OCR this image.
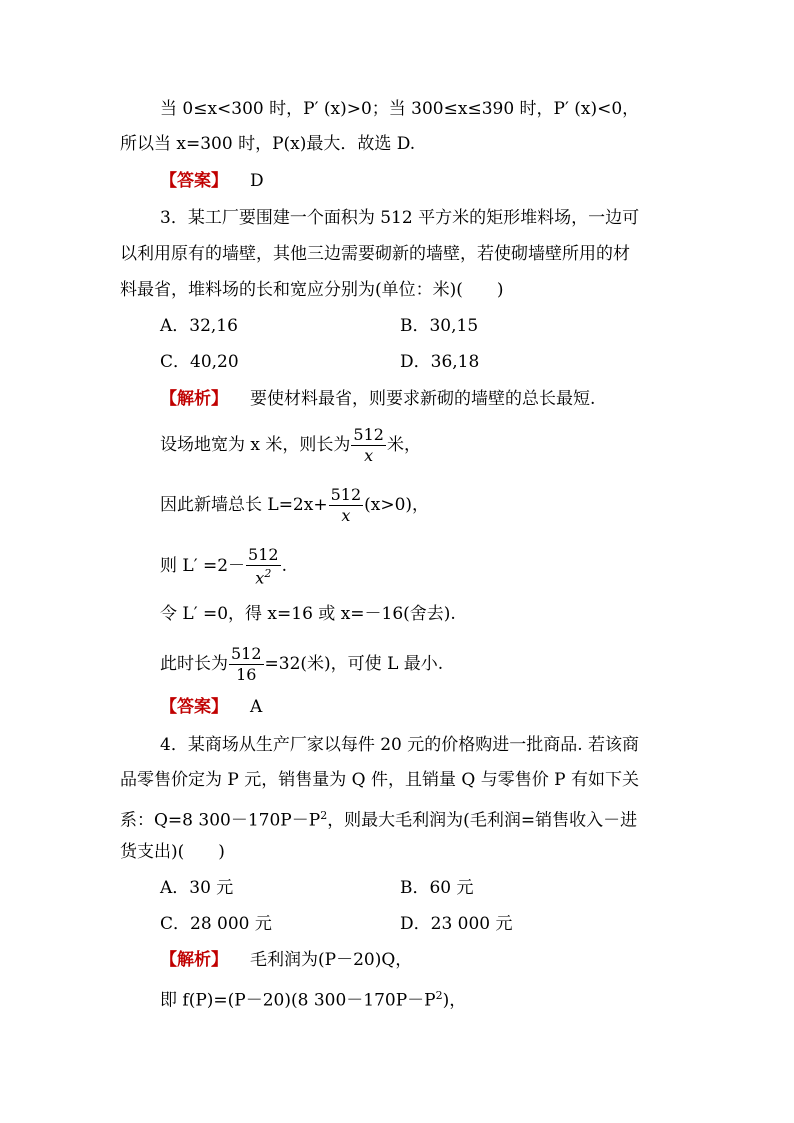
当 0≤x<300 时，P′ (x)>0；当 300≤x≤390 时，P′ (x)<0，
所以当 x=300 时，P(x)最大．故选 D.
【答案】 D
3．某工厂要围建一个面积为 512 平方米的矩形堆料场，一边可
以利用原有的墙壁，其他三边需要砌新的墙壁，若使砌墙壁所用的材
料最省，堆料场的长和宽应分别为(单位：米)(　　)
A．32,16	B．30,15
C．40,20	D．36,18
【解析】 要使材料最省，则要求新砌的墙壁的总长最短.
设场地宽为 x 米，则长为 $\frac{512}{x}$ 米，
因此新墙总长 $L=2x+ \frac{512}{x} (x>0)$，
则 $L' =2- \frac{512}{x^2}$ .
令 L′ =0，得 x=16 或 x=－16(舍去).
此时长为 $\frac{512}{16} =32$(米)，可使 L 最小.
【答案】 A
4．某商场从生产厂家以每件 20 元的价格购进一批商品. 若该商
品零售价定为 P 元，销售量为 Q 件，且销量 Q 与零售价 P 有如下关
系：Q=8 $300-170P-P^2$，则最大毛利润为(毛利润=销售收入－进
货支出)(　　)
A．30 元	B．60 元
C．28 000 元	D．23 000 元
【解析】 毛利润为(P－20)Q，
即 f(P)=(P－20)(8 $300-170P-P^2$)，
